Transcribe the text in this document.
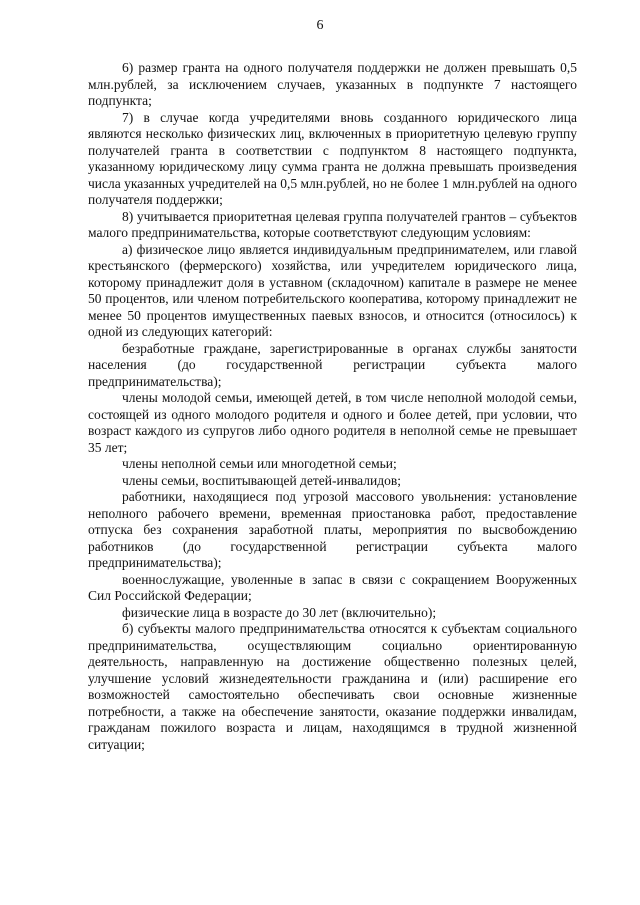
6

6) размер гранта на одного получателя поддержки не должен превышать 0,5 млн.рублей, за исключением случаев, указанных в подпункте 7 настоящего подпункта;

7) в случае когда учредителями вновь созданного юридического лица являются несколько физических лиц, включенных в приоритетную целевую группу получателей гранта в соответствии с подпунктом 8 настоящего подпункта, указанному юридическому лицу сумма гранта не должна превышать произведения числа указанных учредителей на 0,5 млн.рублей, но не более 1 млн.рублей на одного получателя поддержки;

8) учитывается приоритетная целевая группа получателей грантов – субъектов малого предпринимательства, которые соответствуют следующим условиям:

а) физическое лицо является индивидуальным предпринимателем, или главой крестьянского (фермерского) хозяйства, или учредителем юридического лица, которому принадлежит доля в уставном (складочном) капитале в размере не менее 50 процентов, или членом потребительского кооператива, которому принадлежит не менее 50 процентов имущественных паевых взносов, и относится (относилось) к одной из следующих категорий:

безработные граждане, зарегистрированные в органах службы занятости населения (до государственной регистрации субъекта малого предпринимательства);

члены молодой семьи, имеющей детей, в том числе неполной молодой семьи, состоящей из одного молодого родителя и одного и более детей, при условии, что возраст каждого из супругов либо одного родителя в неполной семье не превышает 35 лет;

члены неполной семьи или многодетной семьи;

члены семьи, воспитывающей детей-инвалидов;

работники, находящиеся под угрозой массового увольнения: установление неполного рабочего времени, временная приостановка работ, предоставление отпуска без сохранения заработной платы, мероприятия по высвобождению работников (до государственной регистрации субъекта малого предпринимательства);

военнослужащие, уволенные в запас в связи с сокращением Вооруженных Сил Российской Федерации;

физические лица в возрасте до 30 лет (включительно);

б) субъекты малого предпринимательства относятся к субъектам социального предпринимательства, осуществляющим социально ориентированную деятельность, направленную на достижение общественно полезных целей, улучшение условий жизнедеятельности гражданина и (или) расширение его возможностей самостоятельно обеспечивать свои основные жизненные потребности, а также на обеспечение занятости, оказание поддержки инвалидам, гражданам пожилого возраста и лицам, находящимся в трудной жизненной ситуации;
